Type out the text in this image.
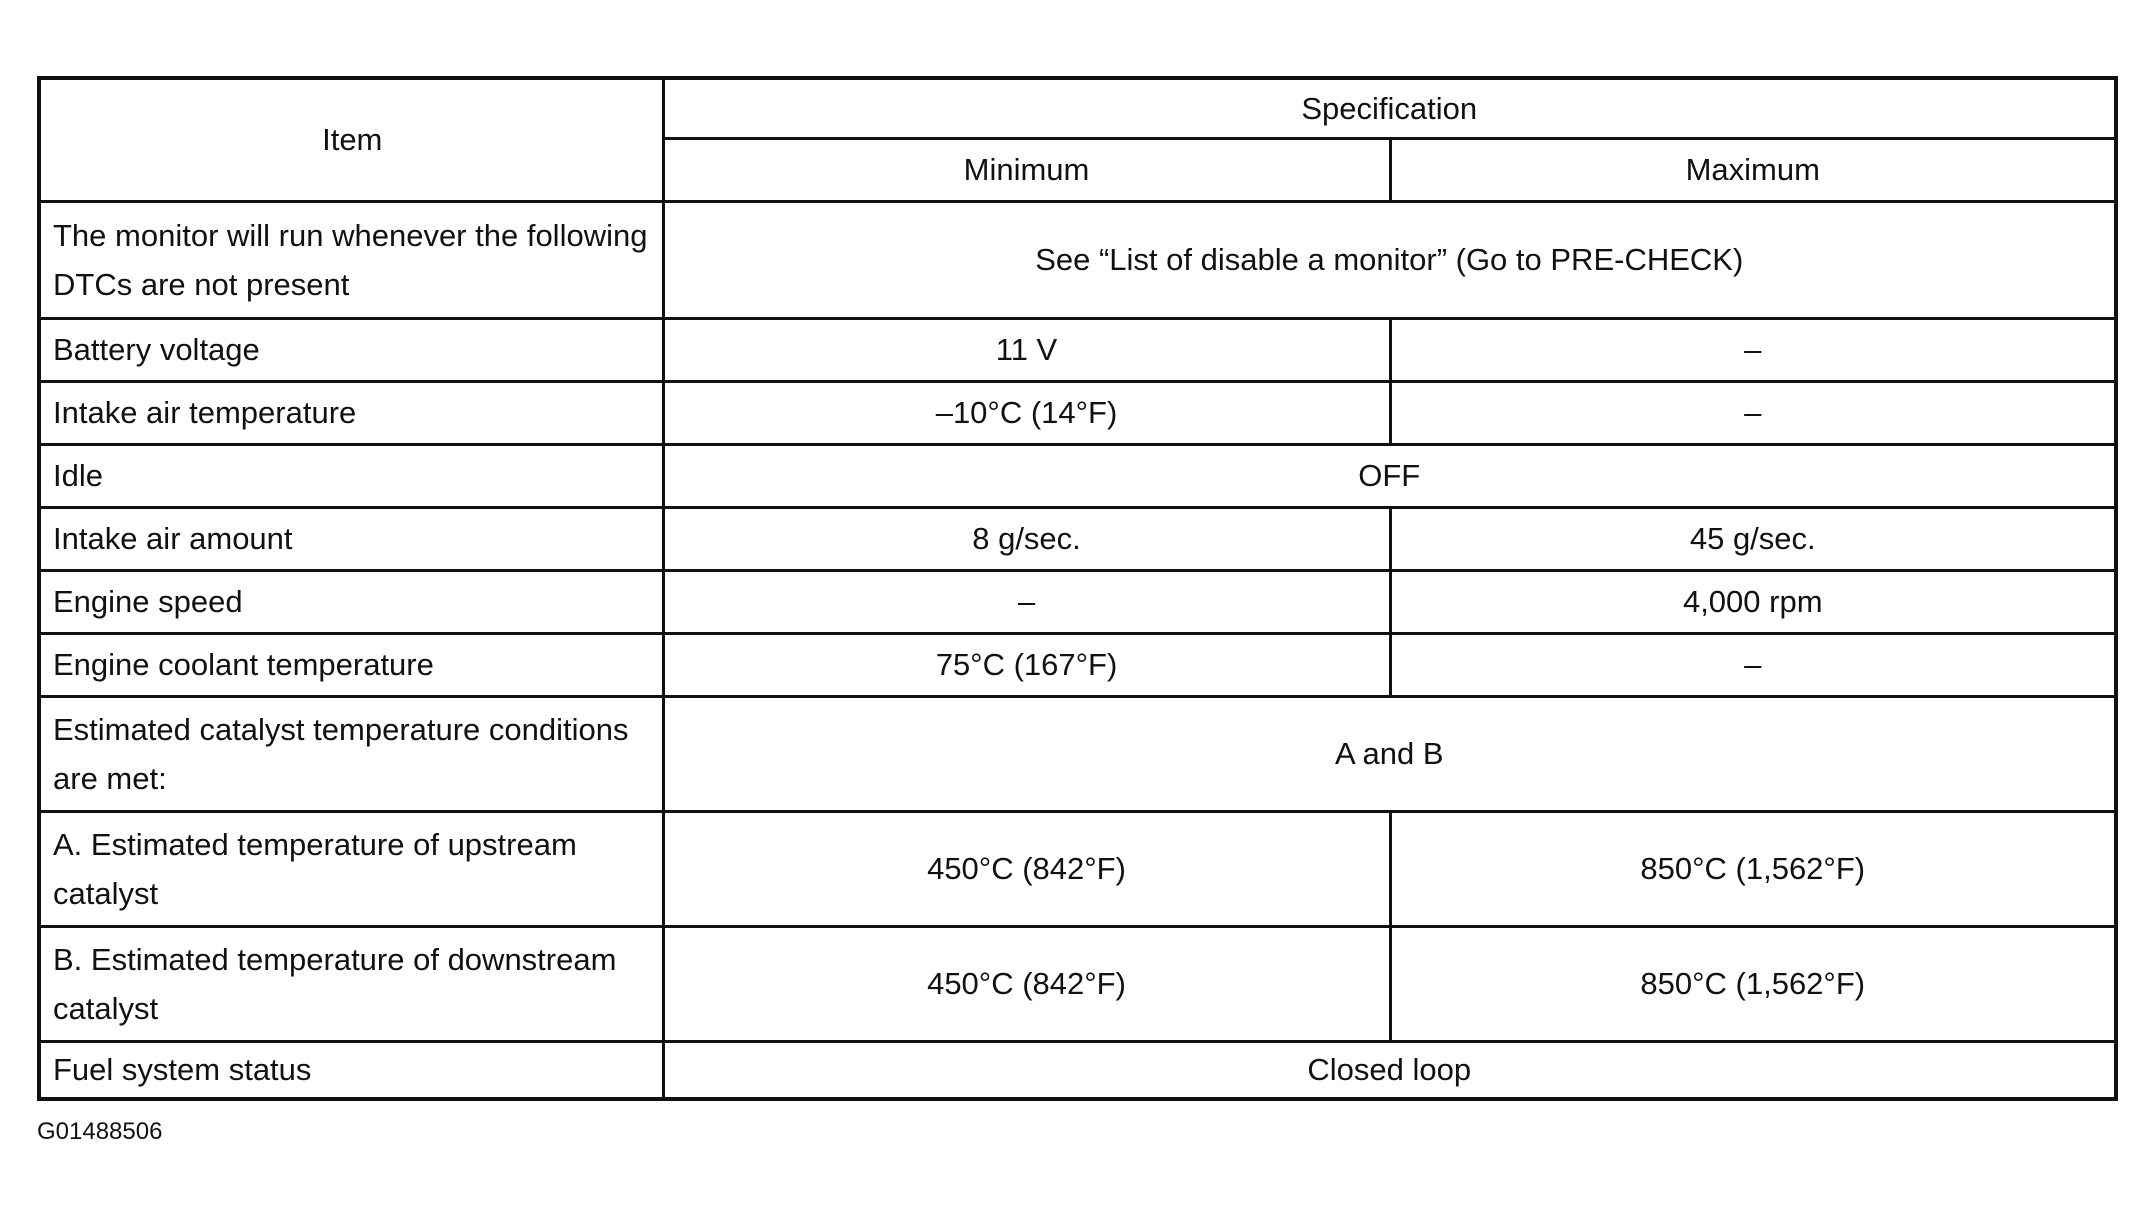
Item	Specification	
	Minimum	Maximum
The monitor will run whenever the following DTCs are not present	See “List of disable a monitor” (Go to PRE-CHECK)	
Battery voltage	11 V	–
Intake air temperature	–10°C (14°F)	–
Idle	OFF	
Intake air amount	8 g/sec.	45 g/sec.
Engine speed	–	4,000 rpm
Engine coolant temperature	75°C (167°F)	–
Estimated catalyst temperature conditions are met:	A and B	
A. Estimated temperature of upstream catalyst	450°C (842°F)	850°C (1,562°F)
B. Estimated temperature of downstream catalyst	450°C (842°F)	850°C (1,562°F)
Fuel system status	Closed loop	
G01488506
